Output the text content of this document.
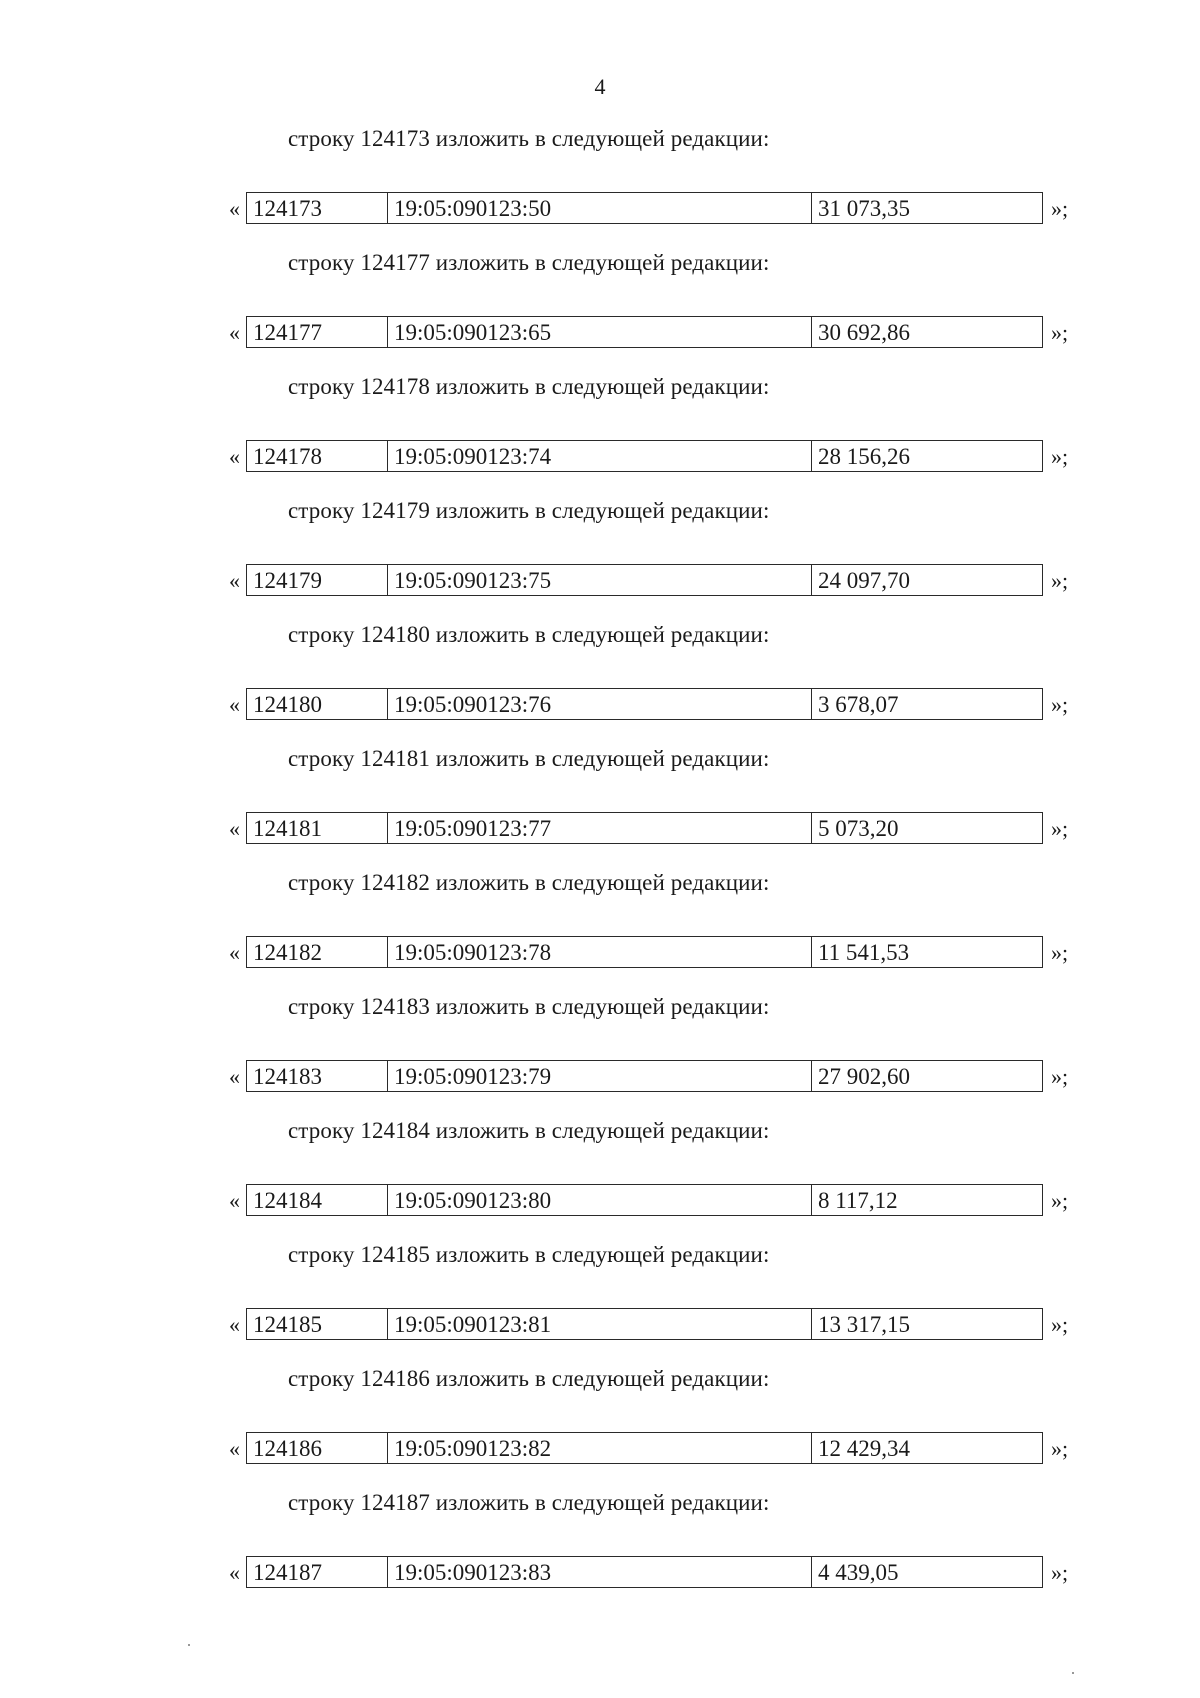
4
строку 124173 изложить в следующей редакции:
« 124173	19:05:090123:50	31 073,35	»;
строку 124177 изложить в следующей редакции:
« 124177	19:05:090123:65	30 692,86	»;
строку 124178 изложить в следующей редакции:
« 124178	19:05:090123:74	28 156,26	»;
строку 124179 изложить в следующей редакции:
« 124179	19:05:090123:75	24 097,70	»;
строку 124180 изложить в следующей редакции:
« 124180	19:05:090123:76	3 678,07	»;
строку 124181 изложить в следующей редакции:
« 124181	19:05:090123:77	5 073,20	»;
строку 124182 изложить в следующей редакции:
« 124182	19:05:090123:78	11 541,53	»;
строку 124183 изложить в следующей редакции:
« 124183	19:05:090123:79	27 902,60	»;
строку 124184 изложить в следующей редакции:
« 124184	19:05:090123:80	8 117,12	»;
строку 124185 изложить в следующей редакции:
« 124185	19:05:090123:81	13 317,15	»;
строку 124186 изложить в следующей редакции:
« 124186	19:05:090123:82	12 429,34	»;
строку 124187 изложить в следующей редакции:
« 124187	19:05:090123:83	4 439,05	»;
